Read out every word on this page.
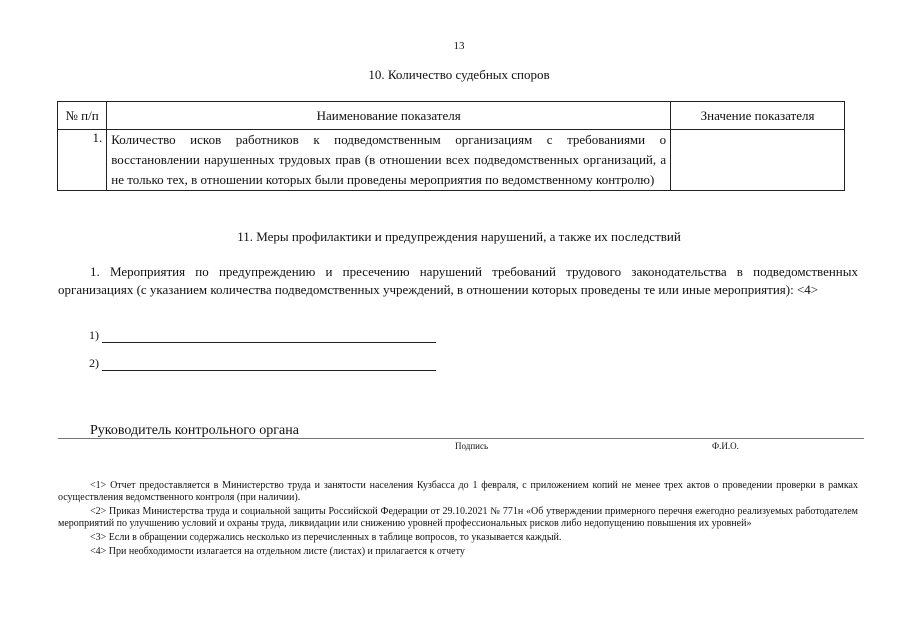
13
10. Количество судебных споров
№ п/п	Наименование показателя	Значение показателя
1.	Количество исков работников к подведомственным организациям с требованиями о восстановлении нарушенных трудовых прав (в отношении всех подведомственных организаций, а не только тех, в отношении которых были проведены мероприятия по ведомственному контролю)	
11. Меры профилактики и предупреждения нарушений, а также их последствий
1. Мероприятия по предупреждению и пресечению нарушений требований трудового законодательства в подведомственных организациях (с указанием количества подведомственных учреждений, в отношении которых проведены те или иные мероприятия): <4>
1)
2)
Руководитель контрольного органа
Подпись	Ф.И.О.

<1> Отчет предоставляется в Министерство труда и занятости населения Кузбасса до 1 февраля, с приложением копий не менее трех актов о проведении проверки в рамках осуществления ведомственного контроля (при наличии).

<2> Приказ Министерства труда и социальной защиты Российской Федерации от 29.10.2021 № 771н «Об утверждении примерного перечня ежегодно реализуемых работодателем мероприятий по улучшению условий и охраны труда, ликвидации или снижению уровней профессиональных рисков либо недопущению повышения их уровней»

<3> Если в обращении содержались несколько из перечисленных в таблице вопросов, то указывается каждый.

<4> При необходимости излагается на отдельном листе (листах) и прилагается к отчету
